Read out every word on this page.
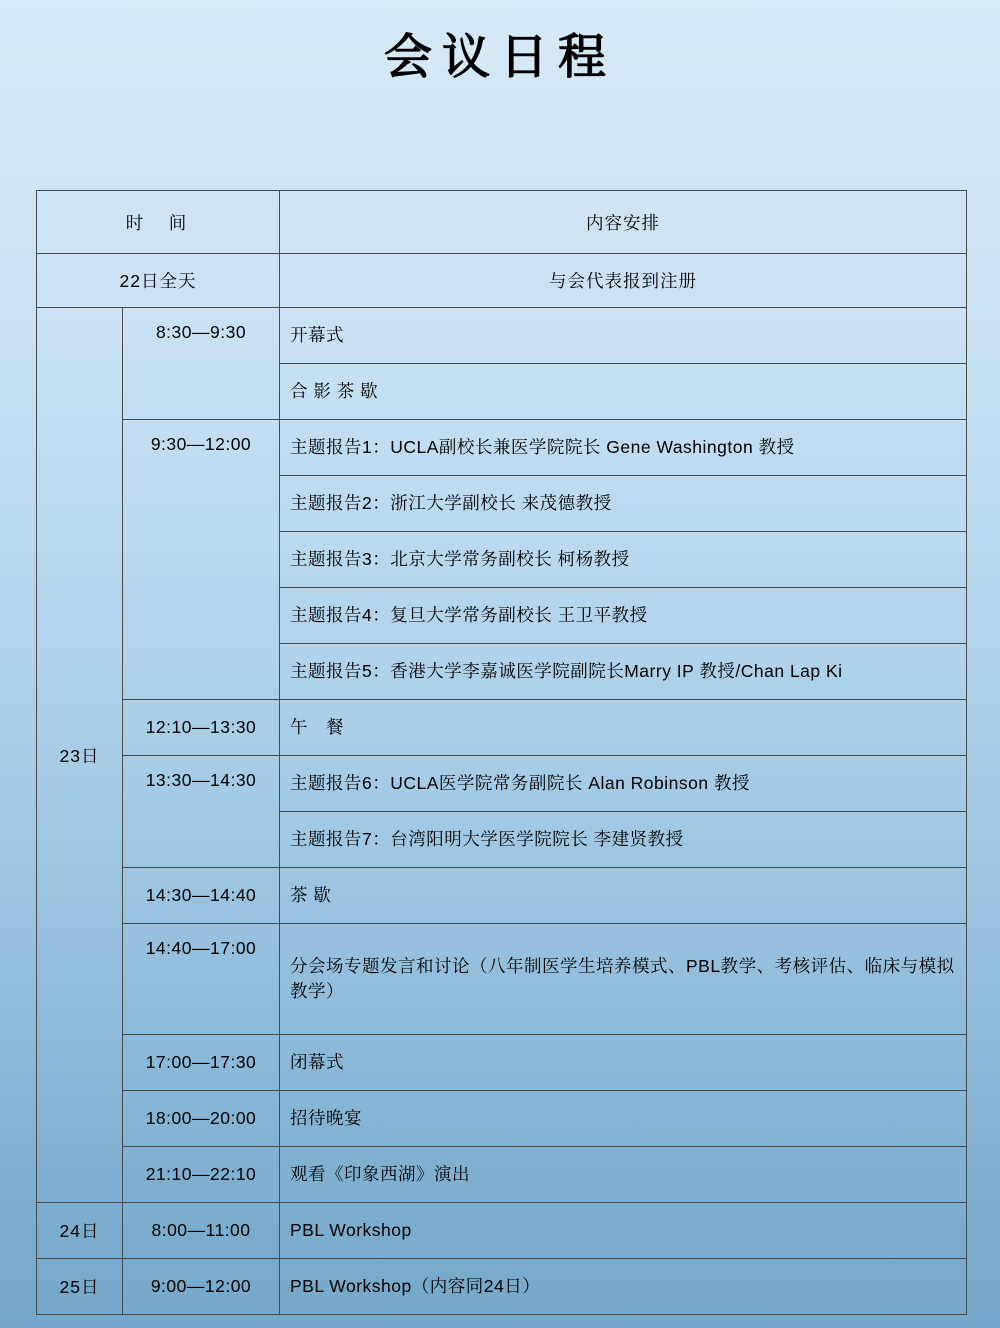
会议日程
时　间		内容安排
22日全天		与会代表报到注册
23日	8:30—9:30	开幕式
		合 影 茶 歇
	9:30—12:00	主题报告1：UCLA副校长兼医学院院长 Gene Washington 教授
		主题报告2：浙江大学副校长 来茂德教授
		主题报告3：北京大学常务副校长 柯杨教授
		主题报告4：复旦大学常务副校长 王卫平教授
		主题报告5：香港大学李嘉诚医学院副院长Marry IP 教授/Chan Lap Ki
	12:10—13:30	午　餐
	13:30—14:30	主题报告6：UCLA医学院常务副院长 Alan Robinson 教授
		主题报告7：台湾阳明大学医学院院长 李建贤教授
	14:30—14:40	茶 歇
	14:40—17:00	分会场专题发言和讨论（八年制医学生培养模式、PBL教学、考核评估、临床与模拟教学）
	17:00—17:30	闭幕式
	18:00—20:00	招待晚宴
	21:10—22:10	观看《印象西湖》演出
24日	8:00—11:00	PBL Workshop
25日	9:00—12:00	PBL Workshop（内容同24日）
